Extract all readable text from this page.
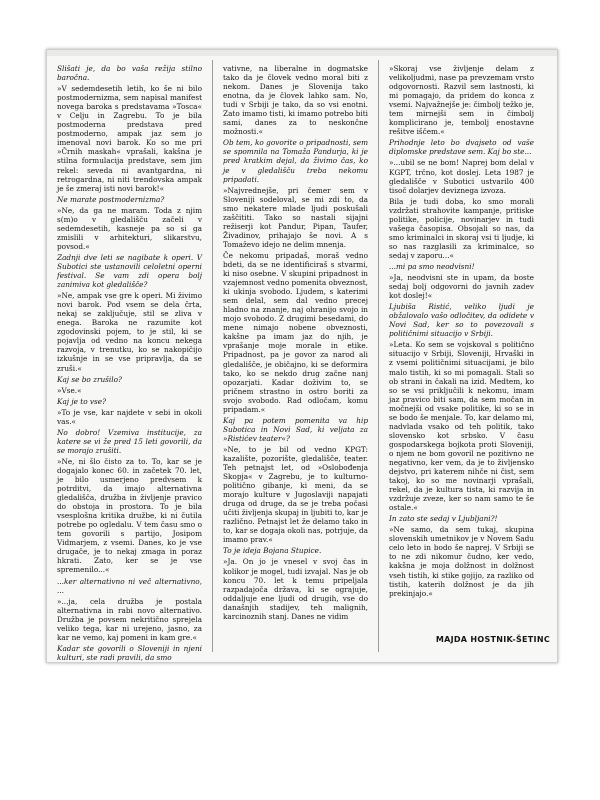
Slišati je, da bo vaša režija stilno baročna.

»V sedemdesetih letih, ko še ni bilo postmodernizma, sem napisal manifest novega baroka s predstavama »Tosca« v Celju in Zagrebu. To je bila postmoderna predstava pred postmoderno, ampak jaz sem jo imenoval novi barok. Ko so me pri »Črnih maskah« vprašali, kakšna je stilna formulacija predstave, sem jim rekel: seveda ni avantgardna, ni retrogardna, ni niti trendovska ampak je še zmeraj isti novi barok!«

Ne marate postmodernizma?

»Ne, da ga ne maram. Toda z njim s(m)o v gledališču začeli v sedemdesetih, kasneje pa so si ga zmislili v arhitekturi, slikarstvu, povsod.«

Zadnji dve leti se nagibate k operi. V Subotici ste ustanovili celoletni operni festival. Se vam zdi opera bolj zanimiva kot gledališče?

»Ne, ampak vse gre k operi. Mi živimo novi barok. Pod vsem se dela črta, nekaj se zaključuje, stil se zliva v enega. Baroka ne razumite kot zgodovinski pojem, to je stil, ki se pojavlja od vedno na koncu nekega razvoja, v trenutku, ko se nakopičijo izkušnje in se vse pripravlja, da se zruši.«

Kaj se bo zrušilo?

»Vse.«

Kaj je to vse?

»To je vse, kar najdete v sebi in okoli vas.«

No dobro! Vzemiva institucije, za katere se vi že pred 15 leti govorili, da se morajo zrušiti.

»Ne, ni šlo čisto za to. To, kar se je dogajalo konec 60. in začetek 70. let, je bilo usmerjeno predvsem k potrditvi, da imajo alternativna gledališča, družba in življenje pravico do obstoja in prostora. To je bila vsesplošna kritika družbe, ki ni čutila potrebe po ogledalu. V tem času smo o tem govorili s partijo, Josipom Vidmarjem, z vsemi. Danes, ko je vse drugače, je to nekaj zmaga in poraz hkrati. Zato, ker se je vse spremenilo...«

...ker alternativno ni več alternativno, ...

»...ja, cela družba je postala alternativna in rabi novo alternativo. Družba je povsem nekritično sprejela veliko tega, kar ni urejeno, jasno, za kar ne vemo, kaj pomeni in kam gre.«

Kadar ste govorili o Sloveniji in njeni kulturi, ste radi pravili, da smo

vativne, na liberalne in dogmatske tako da je človek vedno moral biti z nekom. Danes je Slovenija tako enotna, da je človek lahko sam. No, tudi v Srbiji je tako, da so vsi enotni. Zato imamo tisti, ki imamo potrebo biti sami, danes za to neskončne možnosti.«

Ob tem, ko govorite o pripadnosti, sem se spomnila na Tomaža Pandurja, ki je pred kratkim dejal, da živimo čas, ko je v gledališču treba nekomu pripadati.

»Najvrednejše, pri čemer sem v Sloveniji sodeloval, se mi zdi to, da smo nekatere mlade ljudi poskušali zaščititi. Tako so nastali sijajni režiserji kot Pandur, Pipan, Taufer, Živadinov, prihajajo še novi. A s Tomaževo idejo ne delim mnenja.

Če nekomu pripadaš, moraš vedno bdeti, da se ne identificiraš s stvarmi, ki niso osebne. V skupini pripadnost in vzajemnost vedno pomenita obveznost, ki ukinja svobodo. Ljudem, s katerimi sem delal, sem dal vedno precej hladno na znanje, naj ohranijo svojo in mojo svobodo. Z drugimi besedami, do mene nimajo nobene obveznosti, kakšne pa imam jaz do njih, je vprašanje moje morale in etike. Pripadnost, pa je govor za narod ali gledališče, je običajno, ki se deformira tako, ko se nekdo drug začne nanj opozarjati. Kadar doživim to, se pričnem strastno in ostro boriti za svojo svobodo. Rad odločam, komu pripadam.«

Kaj pa potem pomenita va hip Subotica in Novi Sad, ki veljata za »Ristićev teater«?

»Ne, to je bil od vedno KPGT: kazalište, pozorište, gledališče, teater. Teh petnajst let, od »Oslobođenja Skopja« v Zagrebu, je to kulturno-politično gibanje, ki meni, da se morajo kulture v Jugoslaviji napajati druga od druge, da se je treba počasi učiti življenja skupaj in ljubiti to, kar je različno. Petnajst let že delamo tako in to, kar se dogaja okoli nas, potrjuje, da imamo prav.«

To je ideja Bojana Stupice.

»Ja. On jo je vnesel v svoj čas in kolikor je mogel, tudi izvajal. Nas je ob koncu 70. let k temu pripeljala razpadajoča država, ki se ograjuje, oddaljuje ene ljudi od drugih, vse do današnjih stadijev, teh malignih, karcinoznih stanj. Danes ne vidim

»Skoraj vse življenje delam z velikoljudmi, nase pa prevzemam vrsto odgovornosti. Razvil sem lastnosti, ki mi pomagajo, da pridem do konca z vsemi. Najvažnejše je: čimbolj težko je, tem mirnejši sem in čimbolj komplicirano je, tembolj enostavne rešitve iščem.«

Prihodnje leto bo dvajseto od vaše diplomske predstave sem. Kaj bo ste...

»...ubil se ne bom! Naprej bom delal v KGPT, trčno, kot doslej. Leta 1987 je gledališče v Subotici ustvarilo 400 tisoč dolarjev deviznega izvoza.

Bila je tudi doba, ko smo morali vzdržati strahovite kampanje, pritiske politike, policije, novinarjev in tudi vašega časopisa. Obsojali so nas, da smo kriminalci in skoraj vsi ti ljudje, ki so nas razglasili za kriminalce, so sedaj v zaporu...«

...mi pa smo neodvisni!

»Ja, neodvisni ste in upam, da boste sedaj bolj odgovorni do javnih zadev kot doslej!«

Ljubiša Ristić, veliko ljudi je obžalovalo vašo odločitev, da odidete v Novi Sad, ker so to povezovali s političnimi situacijo v Srbiji.

»Leta. Ko sem se vojskoval s politično situacijo v Srbiji, Sloveniji, Hrvaški in z vsemi političnimi situacijami, je bilo malo tistih, ki so mi pomagali. Stali so ob strani in čakali na izid. Medtem, ko so se vsi priključili k nekomu, imam jaz pravico biti sam, da sem močan in močnejši od vsake politike, ki so se in se bodo še menjale. To, kar delamo mi, nadvlada vsako od teh politik, tako slovensko kot srbsko. V času gospodarskega bojkota proti Sloveniji, o njem ne bom govoril ne pozitivno ne negativno, ker vem, da je to življensko dejstvo, pri katerem nihče ni čist, sem takoj, ko so me novinarji vprašali, rekel, da je kultura tista, ki razvija in vzdržuje zveze, ker so nam samo te še ostale.«

In zato ste sedaj v Ljubljani?!

»Ne samo, da sem tukaj, skupina slovenskih umetnikov je v Novem Sadu celo leto in bodo še naprej. V Srbiji se to ne zdi nikomur čudno, ker vedo, kakšna je moja dolžnost in dolžnost vseh tistih, ki stike gojijo, za razliko od tistih, katerih dolžnost je da jih prekinjajo.«

MAJDA HOSTNIK-ŠETINC
